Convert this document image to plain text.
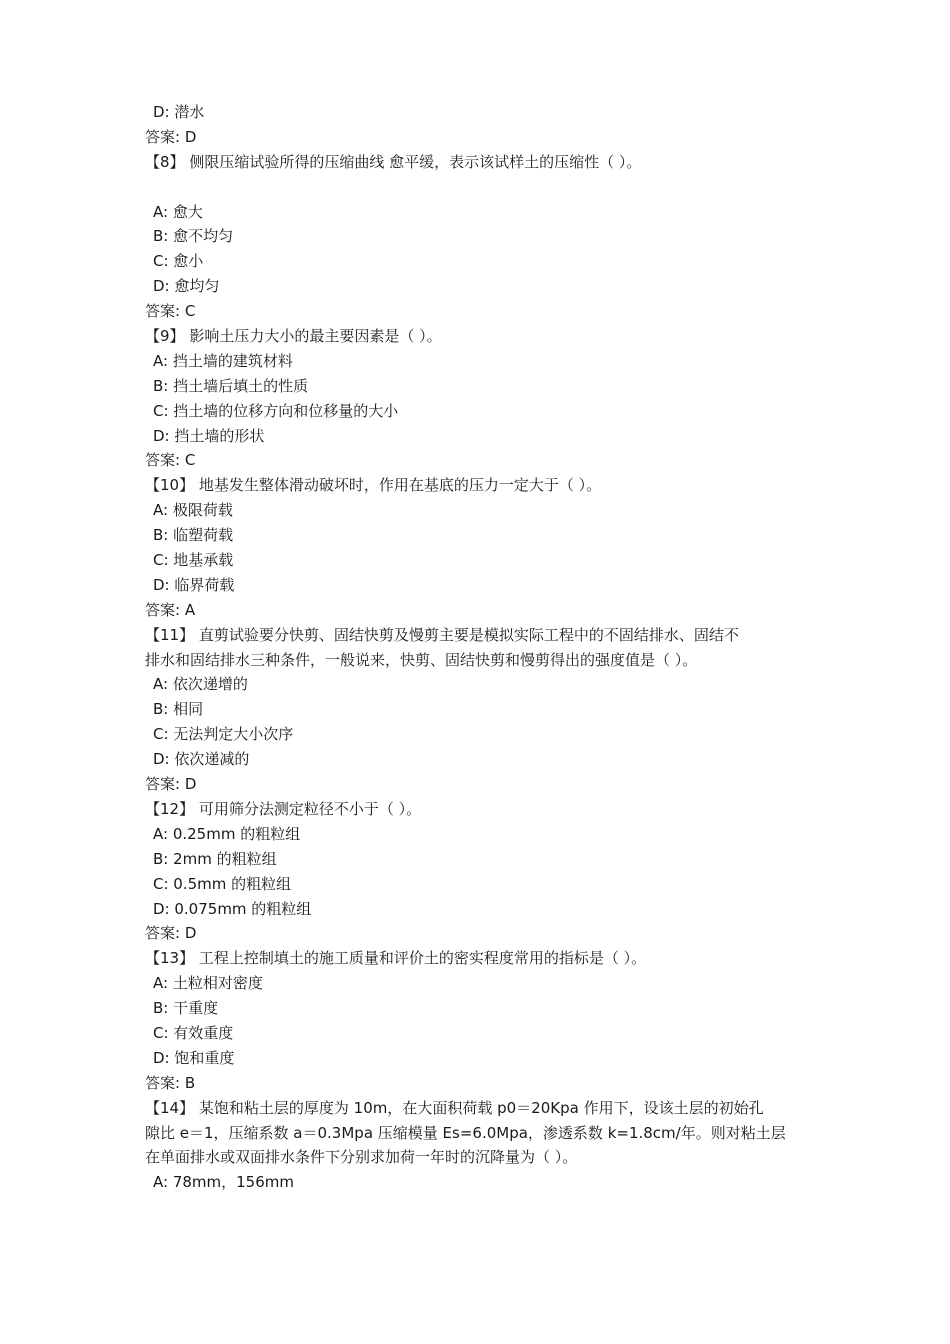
D: 潜水
答案: D
【8】 侧限压缩试验所得的压缩曲线 愈平缓，表示该试样土的压缩性（ ）。
A: 愈大
B: 愈不均匀
C: 愈小
D: 愈均匀
答案: C
【9】 影响土压力大小的最主要因素是（ ）。
A: 挡土墙的建筑材料
B: 挡土墙后填土的性质
C: 挡土墙的位移方向和位移量的大小
D: 挡土墙的形状
答案: C
【10】 地基发生整体滑动破坏时，作用在基底的压力一定大于（ ）。
A: 极限荷载
B: 临塑荷载
C: 地基承载
D: 临界荷载
答案: A
【11】 直剪试验要分快剪、固结快剪及慢剪主要是模拟实际工程中的不固结排水、固结不
排水和固结排水三种条件，一般说来，快剪、固结快剪和慢剪得出的强度值是（ ）。
A: 依次递增的
B: 相同
C: 无法判定大小次序
D: 依次递减的
答案: D
【12】 可用筛分法测定粒径不小于（ ）。
A: 0.25mm 的粗粒组
B: 2mm 的粗粒组
C: 0.5mm 的粗粒组
D: 0.075mm 的粗粒组
答案: D
【13】 工程上控制填土的施工质量和评价土的密实程度常用的指标是（ ）。
A: 土粒相对密度
B: 干重度
C: 有效重度
D: 饱和重度
答案: B
【14】 某饱和粘土层的厚度为 10m，在大面积荷载 p0＝20Kpa 作用下，设该土层的初始孔
隙比 e＝1，压缩系数 a＝0.3Mpa 压缩模量 Es=6.0Mpa，渗透系数 k=1.8cm/年。则对粘土层
在单面排水或双面排水条件下分别求加荷一年时的沉降量为（ ）。
A: 78mm，156mm
